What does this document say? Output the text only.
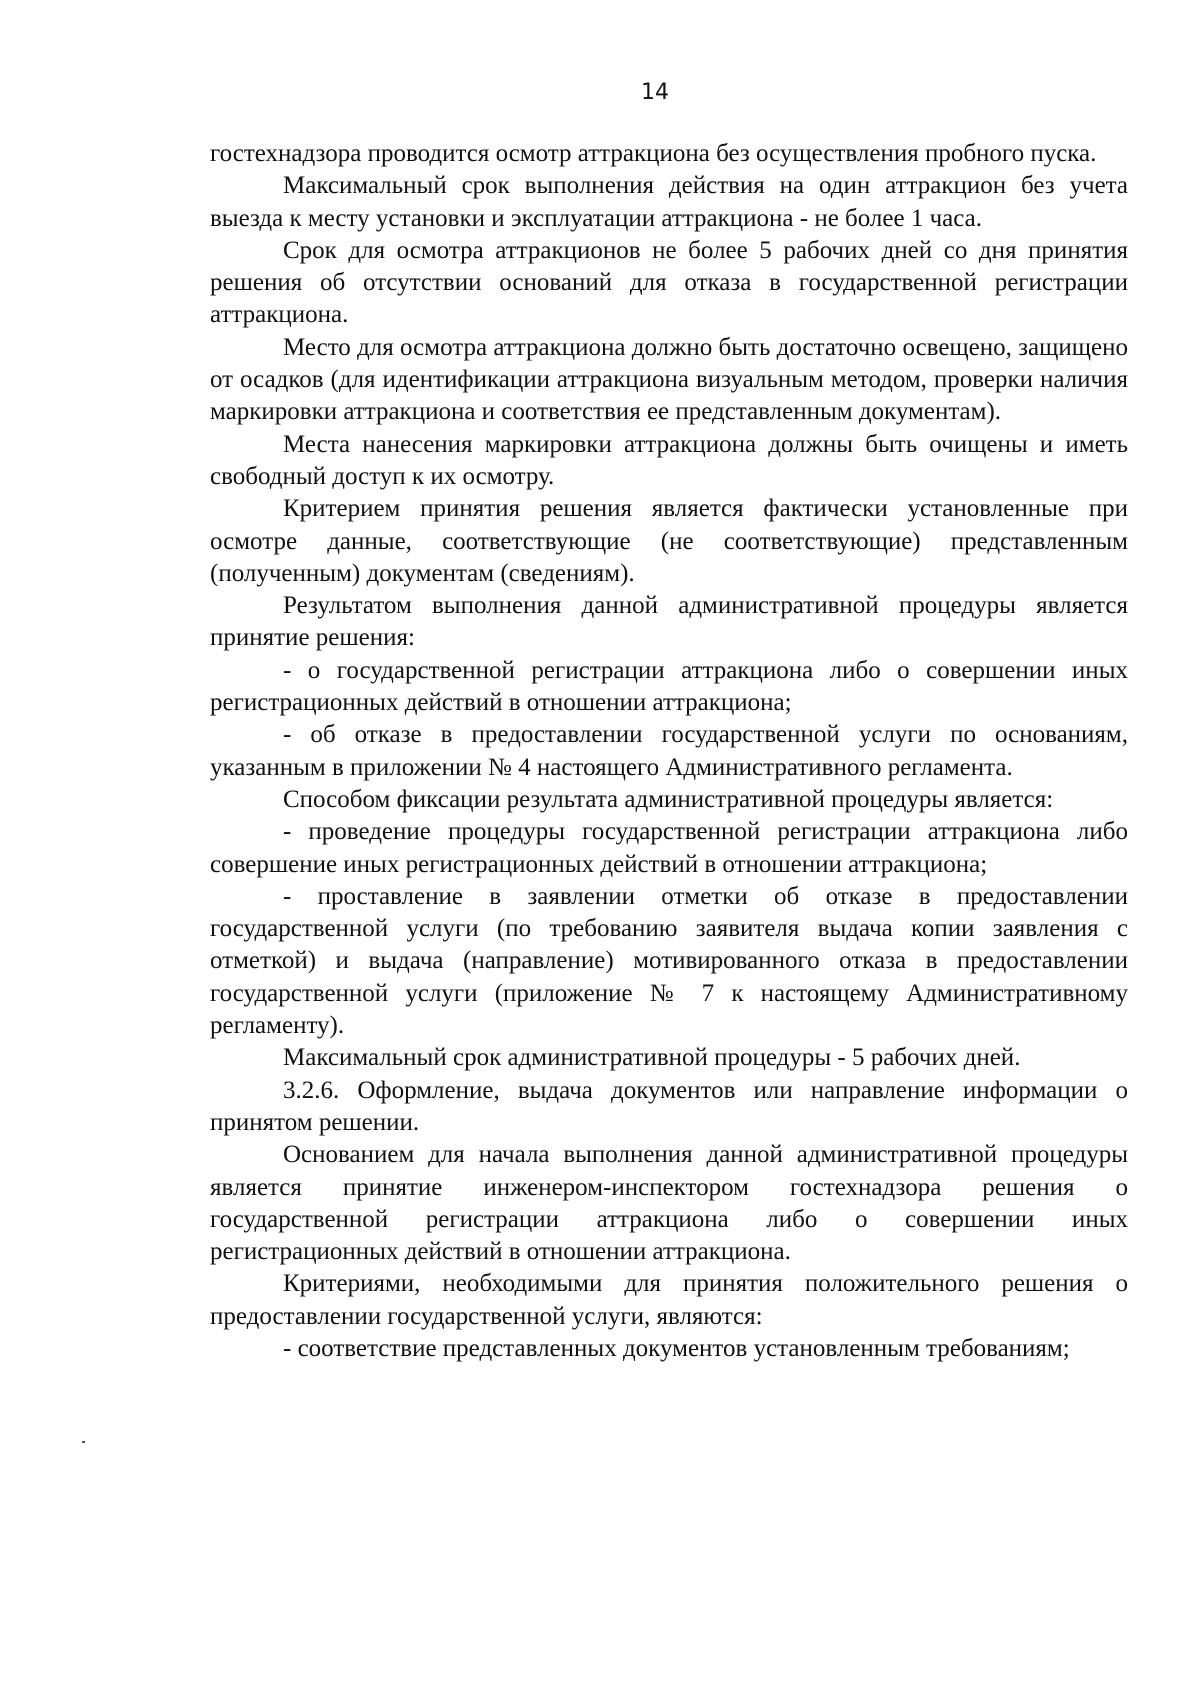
14

гостехнадзора проводится осмотр аттракциона без осуществления пробного пуска.

Максимальный срок выполнения действия на один аттракцион без учета выезда к месту установки и эксплуатации аттракциона - не более 1 часа.

Срок для осмотра аттракционов не более 5 рабочих дней со дня принятия решения об отсутствии оснований для отказа в государственной регистрации аттракциона.

Место для осмотра аттракциона должно быть достаточно освещено, защищено от осадков (для идентификации аттракциона визуальным методом, проверки наличия маркировки аттракциона и соответствия ее представленным документам).

Места нанесения маркировки аттракциона должны быть очищены и иметь свободный доступ к их осмотру.

Критерием принятия решения является фактически установленные при осмотре данные, соответствующие (не соответствующие) представленным (полученным) документам (сведениям).

Результатом выполнения данной административной процедуры является принятие решения:

- о государственной регистрации аттракциона либо о совершении иных регистрационных действий в отношении аттракциона;

- об отказе в предоставлении государственной услуги по основаниям, указанным в приложении № 4 настоящего Административного регламента.

Способом фиксации результата административной процедуры является:

- проведение процедуры государственной регистрации аттракциона либо совершение иных регистрационных действий в отношении аттракциона;

- проставление в заявлении отметки об отказе в предоставлении государственной услуги (по требованию заявителя выдача копии заявления с отметкой) и выдача (направление) мотивированного отказа в предоставлении государственной услуги (приложение № 7 к настоящему Административному регламенту).

Максимальный срок административной процедуры - 5 рабочих дней.

3.2.6. Оформление, выдача документов или направление информации о принятом решении.

Основанием для начала выполнения данной административной процедуры является принятие инженером-инспектором гостехнадзора решения о государственной регистрации аттракциона либо о совершении иных регистрационных действий в отношении аттракциона.

Критериями, необходимыми для принятия положительного решения о предоставлении государственной услуги, являются:

- соответствие представленных документов установленным требованиям;
